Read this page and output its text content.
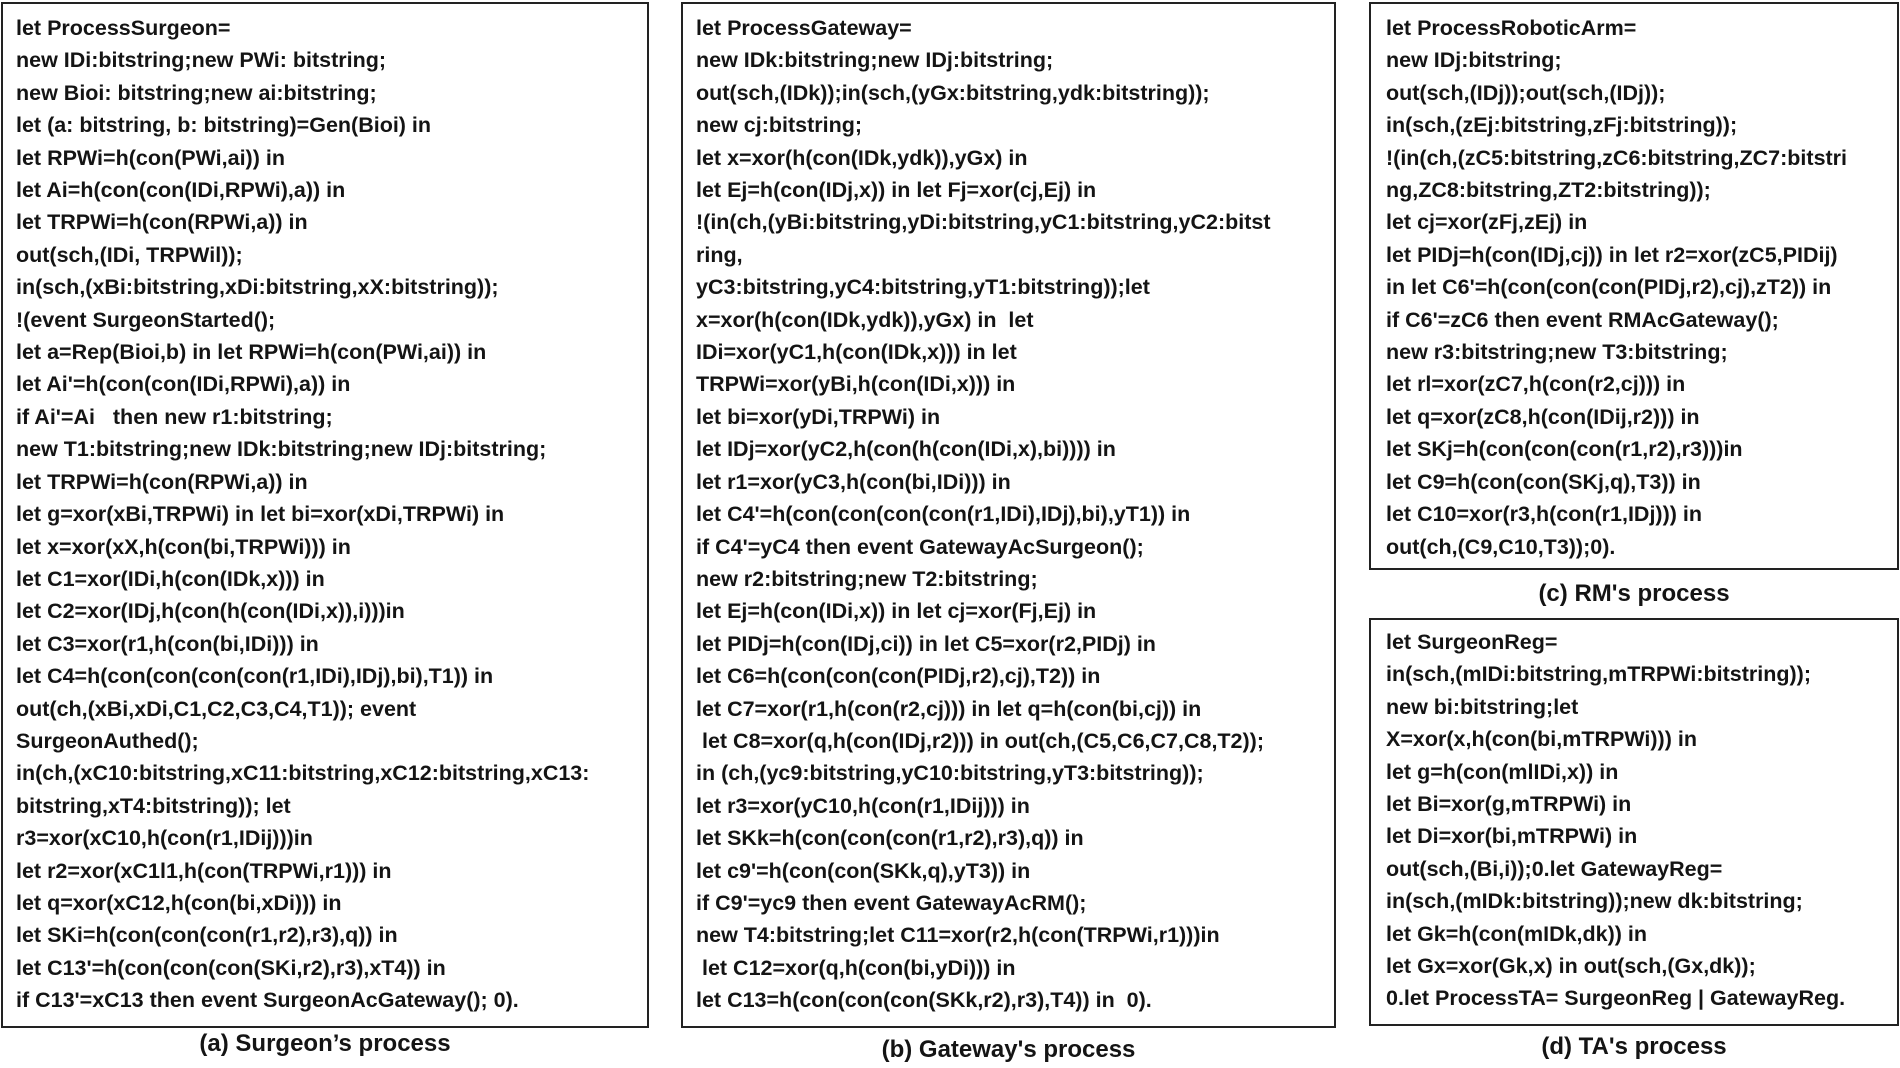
let ProcessSurgeon=
new IDi:bitstring;new PWi: bitstring;
new Bioi: bitstring;new ai:bitstring;
let (a: bitstring, b: bitstring)=Gen(Bioi) in
let RPWi=h(con(PWi,ai)) in
let Ai=h(con(con(IDi,RPWi),a)) in
let TRPWi=h(con(RPWi,a)) in
out(sch,(IDi, TRPWil));
in(sch,(xBi:bitstring,xDi:bitstring,xX:bitstring));
!(event SurgeonStarted();
let a=Rep(Bioi,b) in let RPWi=h(con(PWi,ai)) in
let Ai'=h(con(con(IDi,RPWi),a)) in
if Ai'=Ai   then new r1:bitstring;
new T1:bitstring;new IDk:bitstring;new IDj:bitstring;
let TRPWi=h(con(RPWi,a)) in
let g=xor(xBi,TRPWi) in let bi=xor(xDi,TRPWi) in
let x=xor(xX,h(con(bi,TRPWi))) in
let C1=xor(IDi,h(con(IDk,x))) in
let C2=xor(IDj,h(con(h(con(IDi,x)),i)))in
let C3=xor(r1,h(con(bi,IDi))) in
let C4=h(con(con(con(con(r1,IDi),IDj),bi),T1)) in
out(ch,(xBi,xDi,C1,C2,C3,C4,T1)); event
SurgeonAuthed();
in(ch,(xC10:bitstring,xC11:bitstring,xC12:bitstring,xC13:
bitstring,xT4:bitstring)); let
r3=xor(xC10,h(con(r1,IDij)))in
let r2=xor(xC1l1,h(con(TRPWi,r1))) in
let q=xor(xC12,h(con(bi,xDi))) in
let SKi=h(con(con(con(r1,r2),r3),q)) in
let C13'=h(con(con(con(SKi,r2),r3),xT4)) in
if C13'=xC13 then event SurgeonAcGateway(); 0).
(a) Surgeon’s process
let ProcessGateway=
new IDk:bitstring;new IDj:bitstring;
out(sch,(IDk));in(sch,(yGx:bitstring,ydk:bitstring));
new cj:bitstring;
let x=xor(h(con(IDk,ydk)),yGx) in
let Ej=h(con(IDj,x)) in let Fj=xor(cj,Ej) in
!(in(ch,(yBi:bitstring,yDi:bitstring,yC1:bitstring,yC2:bitst
ring,
yC3:bitstring,yC4:bitstring,yT1:bitstring));let
x=xor(h(con(IDk,ydk)),yGx) in  let
IDi=xor(yC1,h(con(IDk,x))) in let
TRPWi=xor(yBi,h(con(IDi,x))) in
let bi=xor(yDi,TRPWi) in
let IDj=xor(yC2,h(con(h(con(IDi,x),bi)))) in
let r1=xor(yC3,h(con(bi,IDi))) in
let C4'=h(con(con(con(con(r1,IDi),IDj),bi),yT1)) in
if C4'=yC4 then event GatewayAcSurgeon();
new r2:bitstring;new T2:bitstring;
let Ej=h(con(IDi,x)) in let cj=xor(Fj,Ej) in
let PIDj=h(con(IDj,ci)) in let C5=xor(r2,PIDj) in
let C6=h(con(con(con(PIDj,r2),cj),T2)) in
let C7=xor(r1,h(con(r2,cj))) in let q=h(con(bi,cj)) in
let C8=xor(q,h(con(IDj,r2))) in out(ch,(C5,C6,C7,C8,T2));
in (ch,(yc9:bitstring,yC10:bitstring,yT3:bitstring));
let r3=xor(yC10,h(con(r1,IDij))) in
let SKk=h(con(con(con(r1,r2),r3),q)) in
let c9'=h(con(con(SKk,q),yT3)) in
if C9'=yc9 then event GatewayAcRM();
new T4:bitstring;let C11=xor(r2,h(con(TRPWi,r1)))in
let C12=xor(q,h(con(bi,yDi))) in
let C13=h(con(con(con(SKk,r2),r3),T4)) in  0).
(b) Gateway's process
let ProcessRoboticArm=
new IDj:bitstring;
out(sch,(IDj));out(sch,(IDj));
in(sch,(zEj:bitstring,zFj:bitstring));
!(in(ch,(zC5:bitstring,zC6:bitstring,ZC7:bitstri
ng,ZC8:bitstring,ZT2:bitstring));
let cj=xor(zFj,zEj) in
let PIDj=h(con(IDj,cj)) in let r2=xor(zC5,PIDij)
in let C6'=h(con(con(con(PIDj,r2),cj),zT2)) in
if C6'=zC6 then event RMAcGateway();
new r3:bitstring;new T3:bitstring;
let rl=xor(zC7,h(con(r2,cj))) in
let q=xor(zC8,h(con(IDij,r2))) in
let SKj=h(con(con(con(r1,r2),r3)))in
let C9=h(con(con(SKj,q),T3)) in
let C10=xor(r3,h(con(r1,IDj))) in
out(ch,(C9,C10,T3));0).
(c) RM's process
let SurgeonReg=
in(sch,(mIDi:bitstring,mTRPWi:bitstring));
new bi:bitstring;let
X=xor(x,h(con(bi,mTRPWi))) in
let g=h(con(mlIDi,x)) in
let Bi=xor(g,mTRPWi) in
let Di=xor(bi,mTRPWi) in
out(sch,(Bi,i));0.let GatewayReg=
in(sch,(mIDk:bitstring));new dk:bitstring;
let Gk=h(con(mIDk,dk)) in
let Gx=xor(Gk,x) in out(sch,(Gx,dk));
0.let ProcessTA= SurgeonReg | GatewayReg.
(d) TA's process
